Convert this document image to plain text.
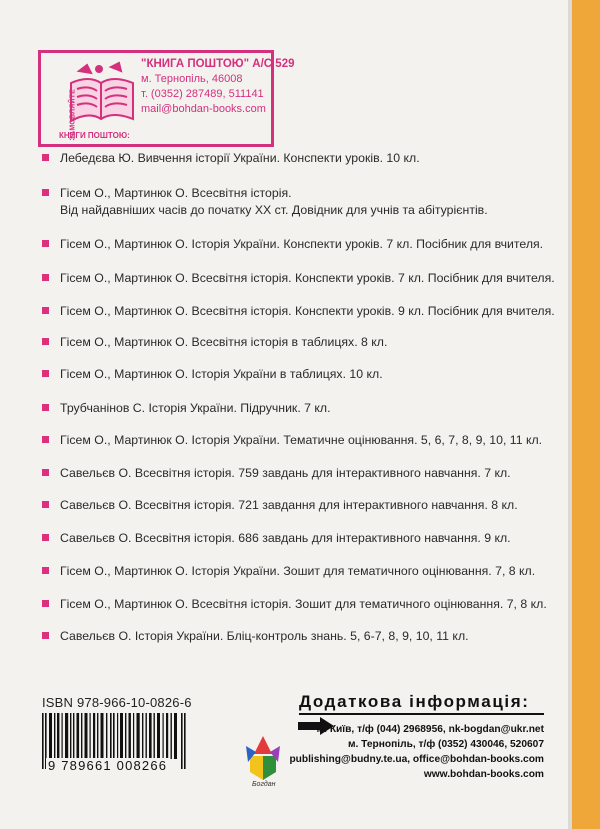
ЗАМОВЛЯЙТЕ
КНИГИ ПОШТОЮ:
"КНИГА ПОШТОЮ" А/С 529
м. Тернопіль, 46008
т. (0352) 287489, 511141
mail@bohdan-books.com
Лебедєва Ю. Вивчення історії України. Конспекти уроків. 10 кл.
Гісем О., Мартинюк О. Всесвітня історія.
Від найдавніших часів до початку XX ст. Довідник для учнів та абітурієнтів.
Гісем О., Мартинюк О. Історія України. Конспекти уроків. 7 кл. Посібник для вчителя.
Гісем О., Мартинюк О. Всесвітня історія. Конспекти уроків. 7 кл. Посібник для вчителя.
Гісем О., Мартинюк О. Всесвітня історія. Конспекти уроків. 9 кл. Посібник для вчителя.
Гісем О., Мартинюк О. Всесвітня історія в таблицях. 8 кл.
Гісем О., Мартинюк О. Історія України в таблицях. 10 кл.
Трубчанінов С. Історія України. Підручник. 7 кл.
Гісем О., Мартинюк О. Історія України. Тематичне оцінювання. 5, 6, 7, 8, 9, 10, 11 кл.
Савельєв О. Всесвітня історія. 759 завдань для інтерактивного навчання. 7 кл.
Савельєв О. Всесвітня історія. 721 завдання для інтерактивного навчання. 8 кл.
Савельєв О. Всесвітня історія. 686 завдань для інтерактивного навчання. 9 кл.
Гісем О., Мартинюк О. Історія України. Зошит для тематичного оцінювання. 7, 8 кл.
Гісем О., Мартинюк О. Всесвітня історія. Зошит для тематичного оцінювання. 7, 8 кл.
Савельєв О. Історія України. Бліц-контроль знань. 5, 6-7, 8, 9, 10, 11 кл.
ISBN 978-966-10-0826-6
9 789661 008266
Богдан
Додаткова інформація:
м. Київ, т/ф (044) 2968956, nk-bogdan@ukr.net
м. Тернопіль, т/ф (0352) 430046, 520607
publishing@budny.te.ua, office@bohdan-books.com
www.bohdan-books.com
